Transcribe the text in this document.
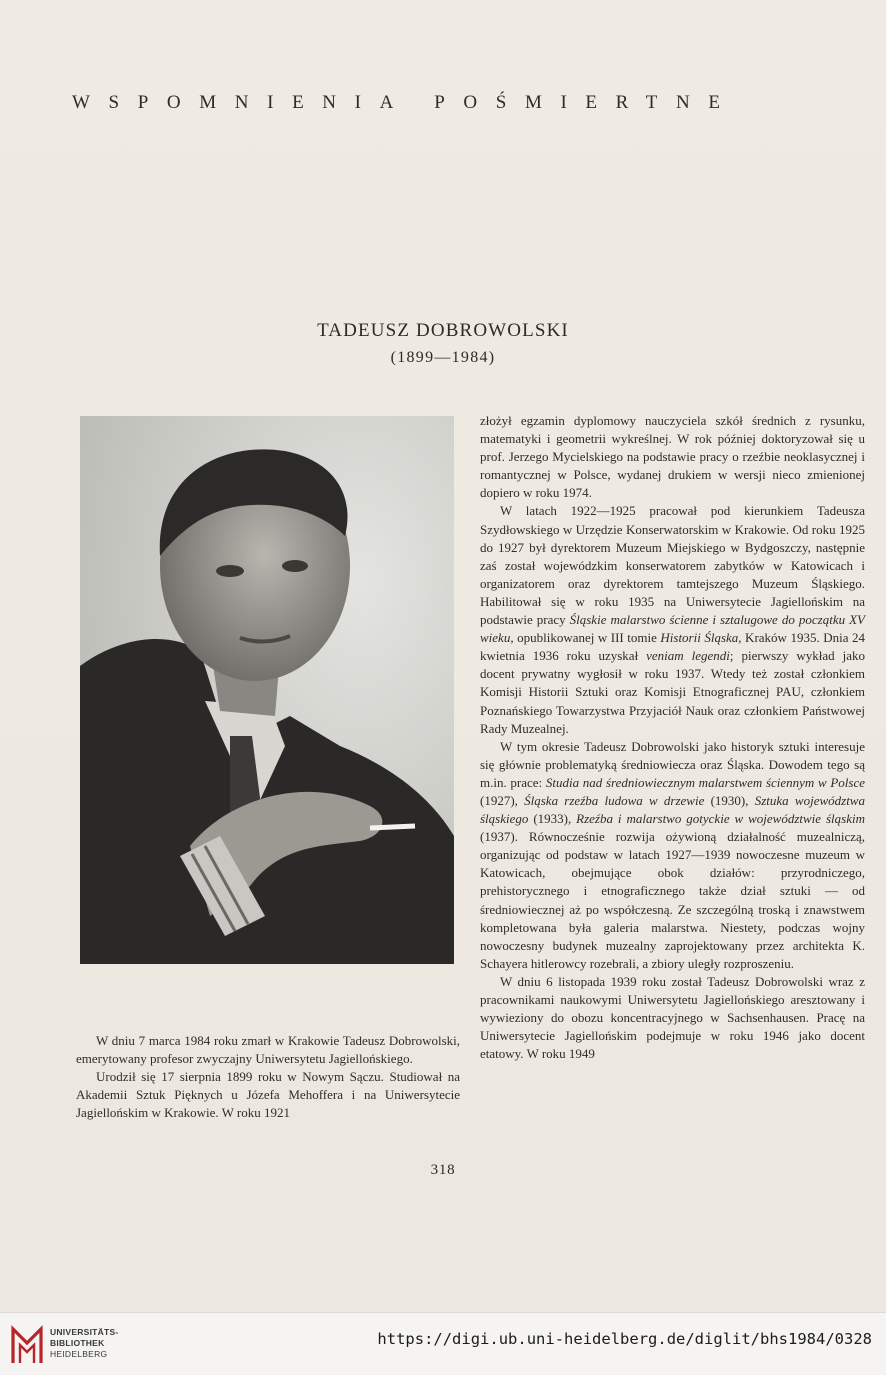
WSPOMNIENIA POŚMIERTNE
TADEUSZ DOBROWOLSKI
(1899—1984)

W dniu 7 marca 1984 roku zmarł w Krakowie Tadeusz Dobrowolski, emerytowany profesor zwyczajny Uniwersytetu Jagiellońskiego.

Urodził się 17 sierpnia 1899 roku w Nowym Sączu. Studiował na Akademii Sztuk Pięknych u Józefa Mehoffera i na Uniwersytecie Jagiellońskim w Krakowie. W roku 1921

złożył egzamin dyplomowy nauczyciela szkół średnich z rysunku, matematyki i geometrii wykreślnej. W rok później doktoryzował się u prof. Jerzego Mycielskiego na podstawie pracy o rzeźbie neoklasycznej i romantycznej w Polsce, wydanej drukiem w wersji nieco zmienionej dopiero w roku 1974.

W latach 1922—1925 pracował pod kierunkiem Tadeusza Szydłowskiego w Urzędzie Konserwatorskim w Krakowie. Od roku 1925 do 1927 był dyrektorem Muzeum Miejskiego w Bydgoszczy, następnie zaś został wojewódzkim konserwatorem zabytków w Katowicach i organizatorem oraz dyrektorem tamtejszego Muzeum Śląskiego. Habilitował się w roku 1935 na Uniwersytecie Jagiellońskim na podstawie pracy Śląskie malarstwo ścienne i sztalugowe do początku XV wieku, opublikowanej w III tomie Historii Śląska, Kraków 1935. Dnia 24 kwietnia 1936 roku uzyskał veniam legendi; pierwszy wykład jako docent prywatny wygłosił w roku 1937. Wtedy też został członkiem Komisji Historii Sztuki oraz Komisji Etnograficznej PAU, członkiem Poznańskiego Towarzystwa Przyjaciół Nauk oraz członkiem Państwowej Rady Muzealnej.

W tym okresie Tadeusz Dobrowolski jako historyk sztuki interesuje się głównie problematyką średniowiecza oraz Śląska. Dowodem tego są m.in. prace: Studia nad średniowiecznym malarstwem ściennym w Polsce (1927), Śląska rzeźba ludowa w drzewie (1930), Sztuka województwa śląskiego (1933), Rzeźba i malarstwo gotyckie w województwie śląskim (1937). Równocześnie rozwija ożywioną działalność muzealniczą, organizując od podstaw w latach 1927—1939 nowoczesne muzeum w Katowicach, obejmujące obok działów: przyrodniczego, prehistorycznego i etnograficznego także dział sztuki — od średniowiecznej aż po współczesną. Ze szczególną troską i znawstwem kompletowana była galeria malarstwa. Niestety, podczas wojny nowoczesny budynek muzealny zaprojektowany przez architekta K. Schayera hitlerowcy rozebrali, a zbiory uległy rozproszeniu.

W dniu 6 listopada 1939 roku został Tadeusz Dobrowolski wraz z pracownikami naukowymi Uniwersytetu Jagiellońskiego aresztowany i wywieziony do obozu koncentracyjnego w Sachsenhausen. Pracę na Uniwersytecie Jagiellońskim podejmuje w roku 1946 jako docent etatowy. W roku 1949

318
UNIVERSITÄTS-
BIBLIOTHEK
HEIDELBERG
https://digi.ub.uni-heidelberg.de/diglit/bhs1984/0328
